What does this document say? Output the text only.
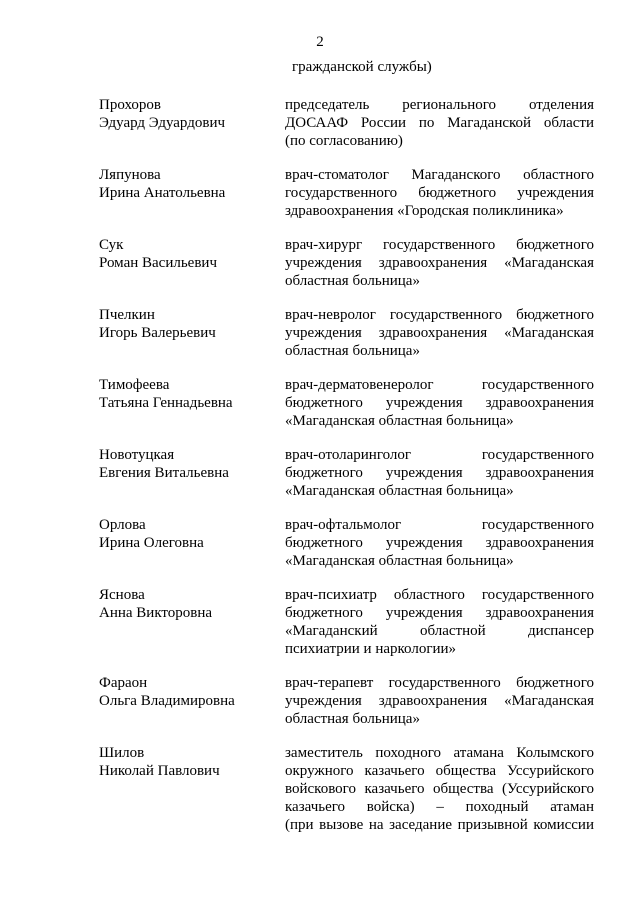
2
гражданской службы)
Прохоров
Эдуард Эдуардович
председатель регионального отделения
ДОСААФ России по Магаданской области
(по согласованию)
Ляпунова
Ирина Анатольевна
врач-стоматолог Магаданского областного
государственного бюджетного учреждения
здравоохранения «Городская поликлиника»
Сук
Роман Васильевич
врач-хирург государственного бюджетного
учреждения здравоохранения «Магаданская
областная больница»
Пчелкин
Игорь Валерьевич
врач-невролог государственного бюджетного
учреждения здравоохранения «Магаданская
областная больница»
Тимофеева
Татьяна Геннадьевна
врач-дерматовенеролог государственного
бюджетного учреждения здравоохранения
«Магаданская областная больница»
Новотуцкая
Евгения Витальевна
врач-отоларинголог государственного
бюджетного учреждения здравоохранения
«Магаданская областная больница»
Орлова
Ирина Олеговна
врач-офтальмолог государственного
бюджетного учреждения здравоохранения
«Магаданская областная больница»
Яснова
Анна Викторовна
врач-психиатр областного государственного
бюджетного учреждения здравоохранения
«Магаданский областной диспансер
психиатрии и наркологии»
Фараон
Ольга Владимировна
врач-терапевт государственного бюджетного
учреждения здравоохранения «Магаданская
областная больница»
Шилов
Николай Павлович
заместитель походного атамана Колымского
окружного казачьего общества Уссурийского
войскового казачьего общества (Уссурийского
казачьего войска) – походный атаман
(при вызове на заседание призывной комиссии
